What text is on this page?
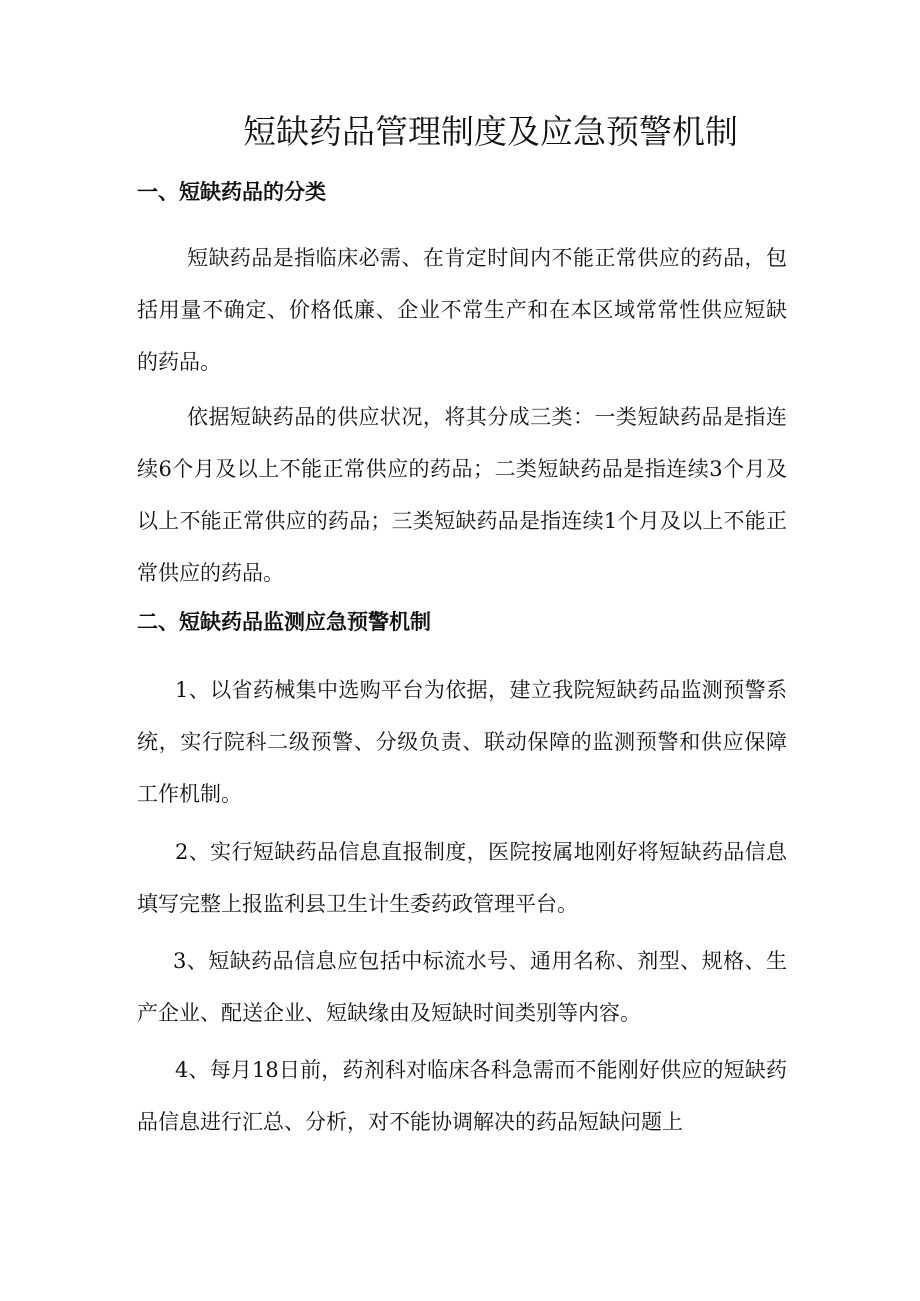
短缺药品管理制度及应急预警机制
一、短缺药品的分类

短缺药品是指临床必需、在肯定时间内不能正常供应的药品，包括用量不确定、价格低廉、企业不常生产和在本区域常常性供应短缺的药品。

依据短缺药品的供应状况，将其分成三类：一类短缺药品是指连续6个月及以上不能正常供应的药品；二类短缺药品是指连续3个月及以上不能正常供应的药品；三类短缺药品是指连续1个月及以上不能正常供应的药品。

二、短缺药品监测应急预警机制

1、以省药械集中选购平台为依据，建立我院短缺药品监测预警系统，实行院科二级预警、分级负责、联动保障的监测预警和供应保障工作机制。

2、实行短缺药品信息直报制度，医院按属地刚好将短缺药品信息填写完整上报监利县卫生计生委药政管理平台。

3、短缺药品信息应包括中标流水号、通用名称、剂型、规格、生产企业、配送企业、短缺缘由及短缺时间类别等内容。

4、每月18日前，药剂科对临床各科急需而不能刚好供应的短缺药品信息进行汇总、分析，对不能协调解决的药品短缺问题上
